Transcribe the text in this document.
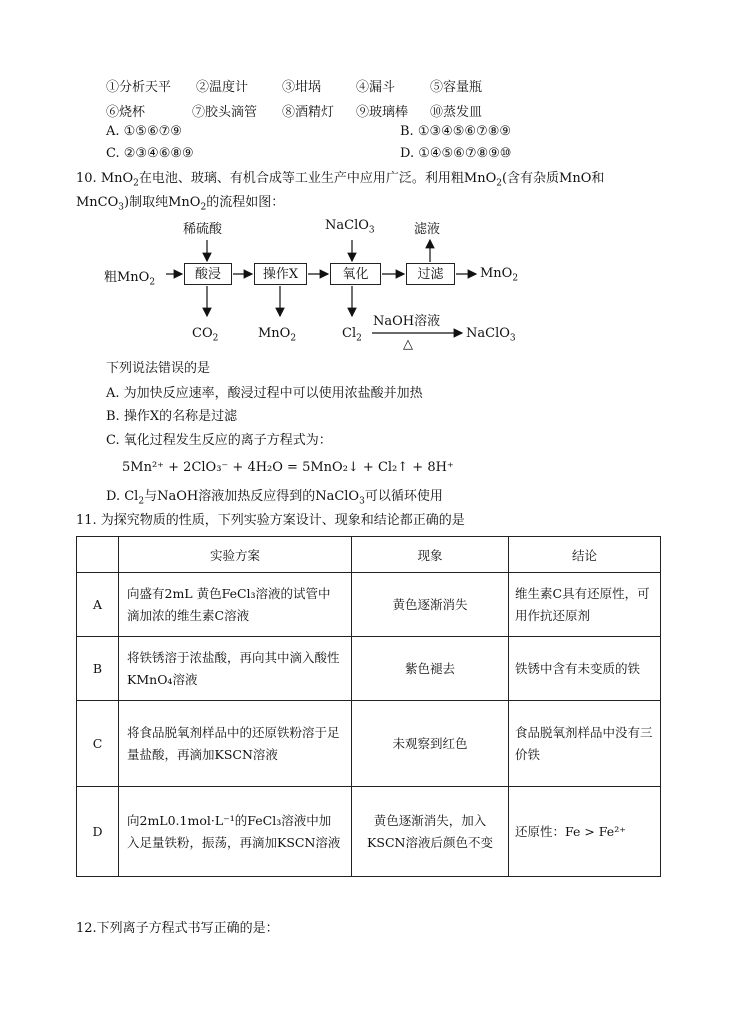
①分析天平 ②温度计	③坩埚	④漏斗	⑤容量瓶
⑥烧杯	⑦胶头滴管 ⑧酒精灯 ⑨玻璃棒 ⑩蒸发皿
A. ①⑤⑥⑦⑨	B. ①③④⑤⑥⑦⑧⑨
C. ②③④⑥⑧⑨	D. ①④⑤⑥⑦⑧⑨⑩
10. MnO$_2$在电池、玻璃、有机合成等工业生产中应用广泛。利用粗MnO$_2$(含有杂质MnO和
MnCO$_3$)制取纯MnO$_2$的流程如图：
稀硫酸	NaClO$_3$	滤液
粗MnO$_2$
酸浸	操作X	氧化	过滤	MnO$_2$
$CO_2$	MnO$_2$	$Cl_2$
NaOH溶液
△
NaClO$_3$
下列说法错误的是
A. 为加快反应速率，酸浸过程中可以使用浓盐酸并加热
B. 操作X的名称是过滤
C. 氧化过程发生反应的离子方程式为：
5Mn²⁺ + 2ClO₃⁻ + 4H₂O = 5MnO₂↓ + Cl₂↑ + 8H⁺
D. $Cl_2$与NaOH溶液加热反应得到的NaClO$_3$可以循环使用
11. 为探究物质的性质，下列实验方案设计、现象和结论都正确的是
	实验方案	现象	结论
A	向盛有2mL 黄色FeCl₃溶液的试管中滴加浓的维生素C溶液	黄色逐渐消失	维生素C具有还原性，可用作抗还原剂
B	将铁锈溶于浓盐酸，再向其中滴入酸性KMnO₄溶液	紫色褪去	铁锈中含有未变质的铁
C	将食品脱氧剂样品中的还原铁粉溶于足量盐酸，再滴加KSCN溶液	未观察到红色	食品脱氧剂样品中没有三价铁
D	向2mL0.1mol·L⁻¹的FeCl₃溶液中加入足量铁粉，振荡，再滴加KSCN溶液	黄色逐渐消失，加入KSCN溶液后颜色不变	还原性：Fe > Fe²⁺
12.下列离子方程式书写正确的是：
